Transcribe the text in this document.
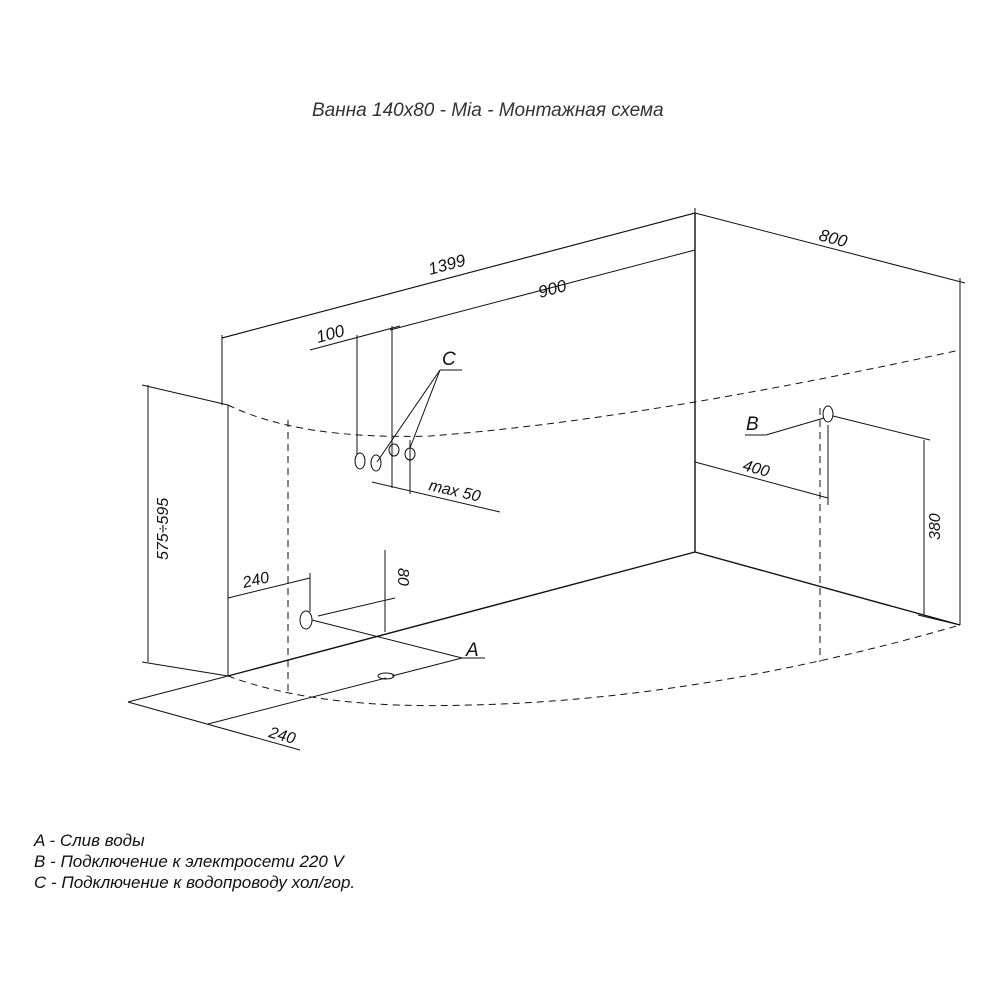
Ванна 140х80 - Mia - Монтажная схема
1399
900
100
C
max 50
575÷595
240	80
A
240
B
400
380
800
A - Слив воды
B - Подключение к электросети 220 V
C - Подключение к водопроводу хол/гор.
